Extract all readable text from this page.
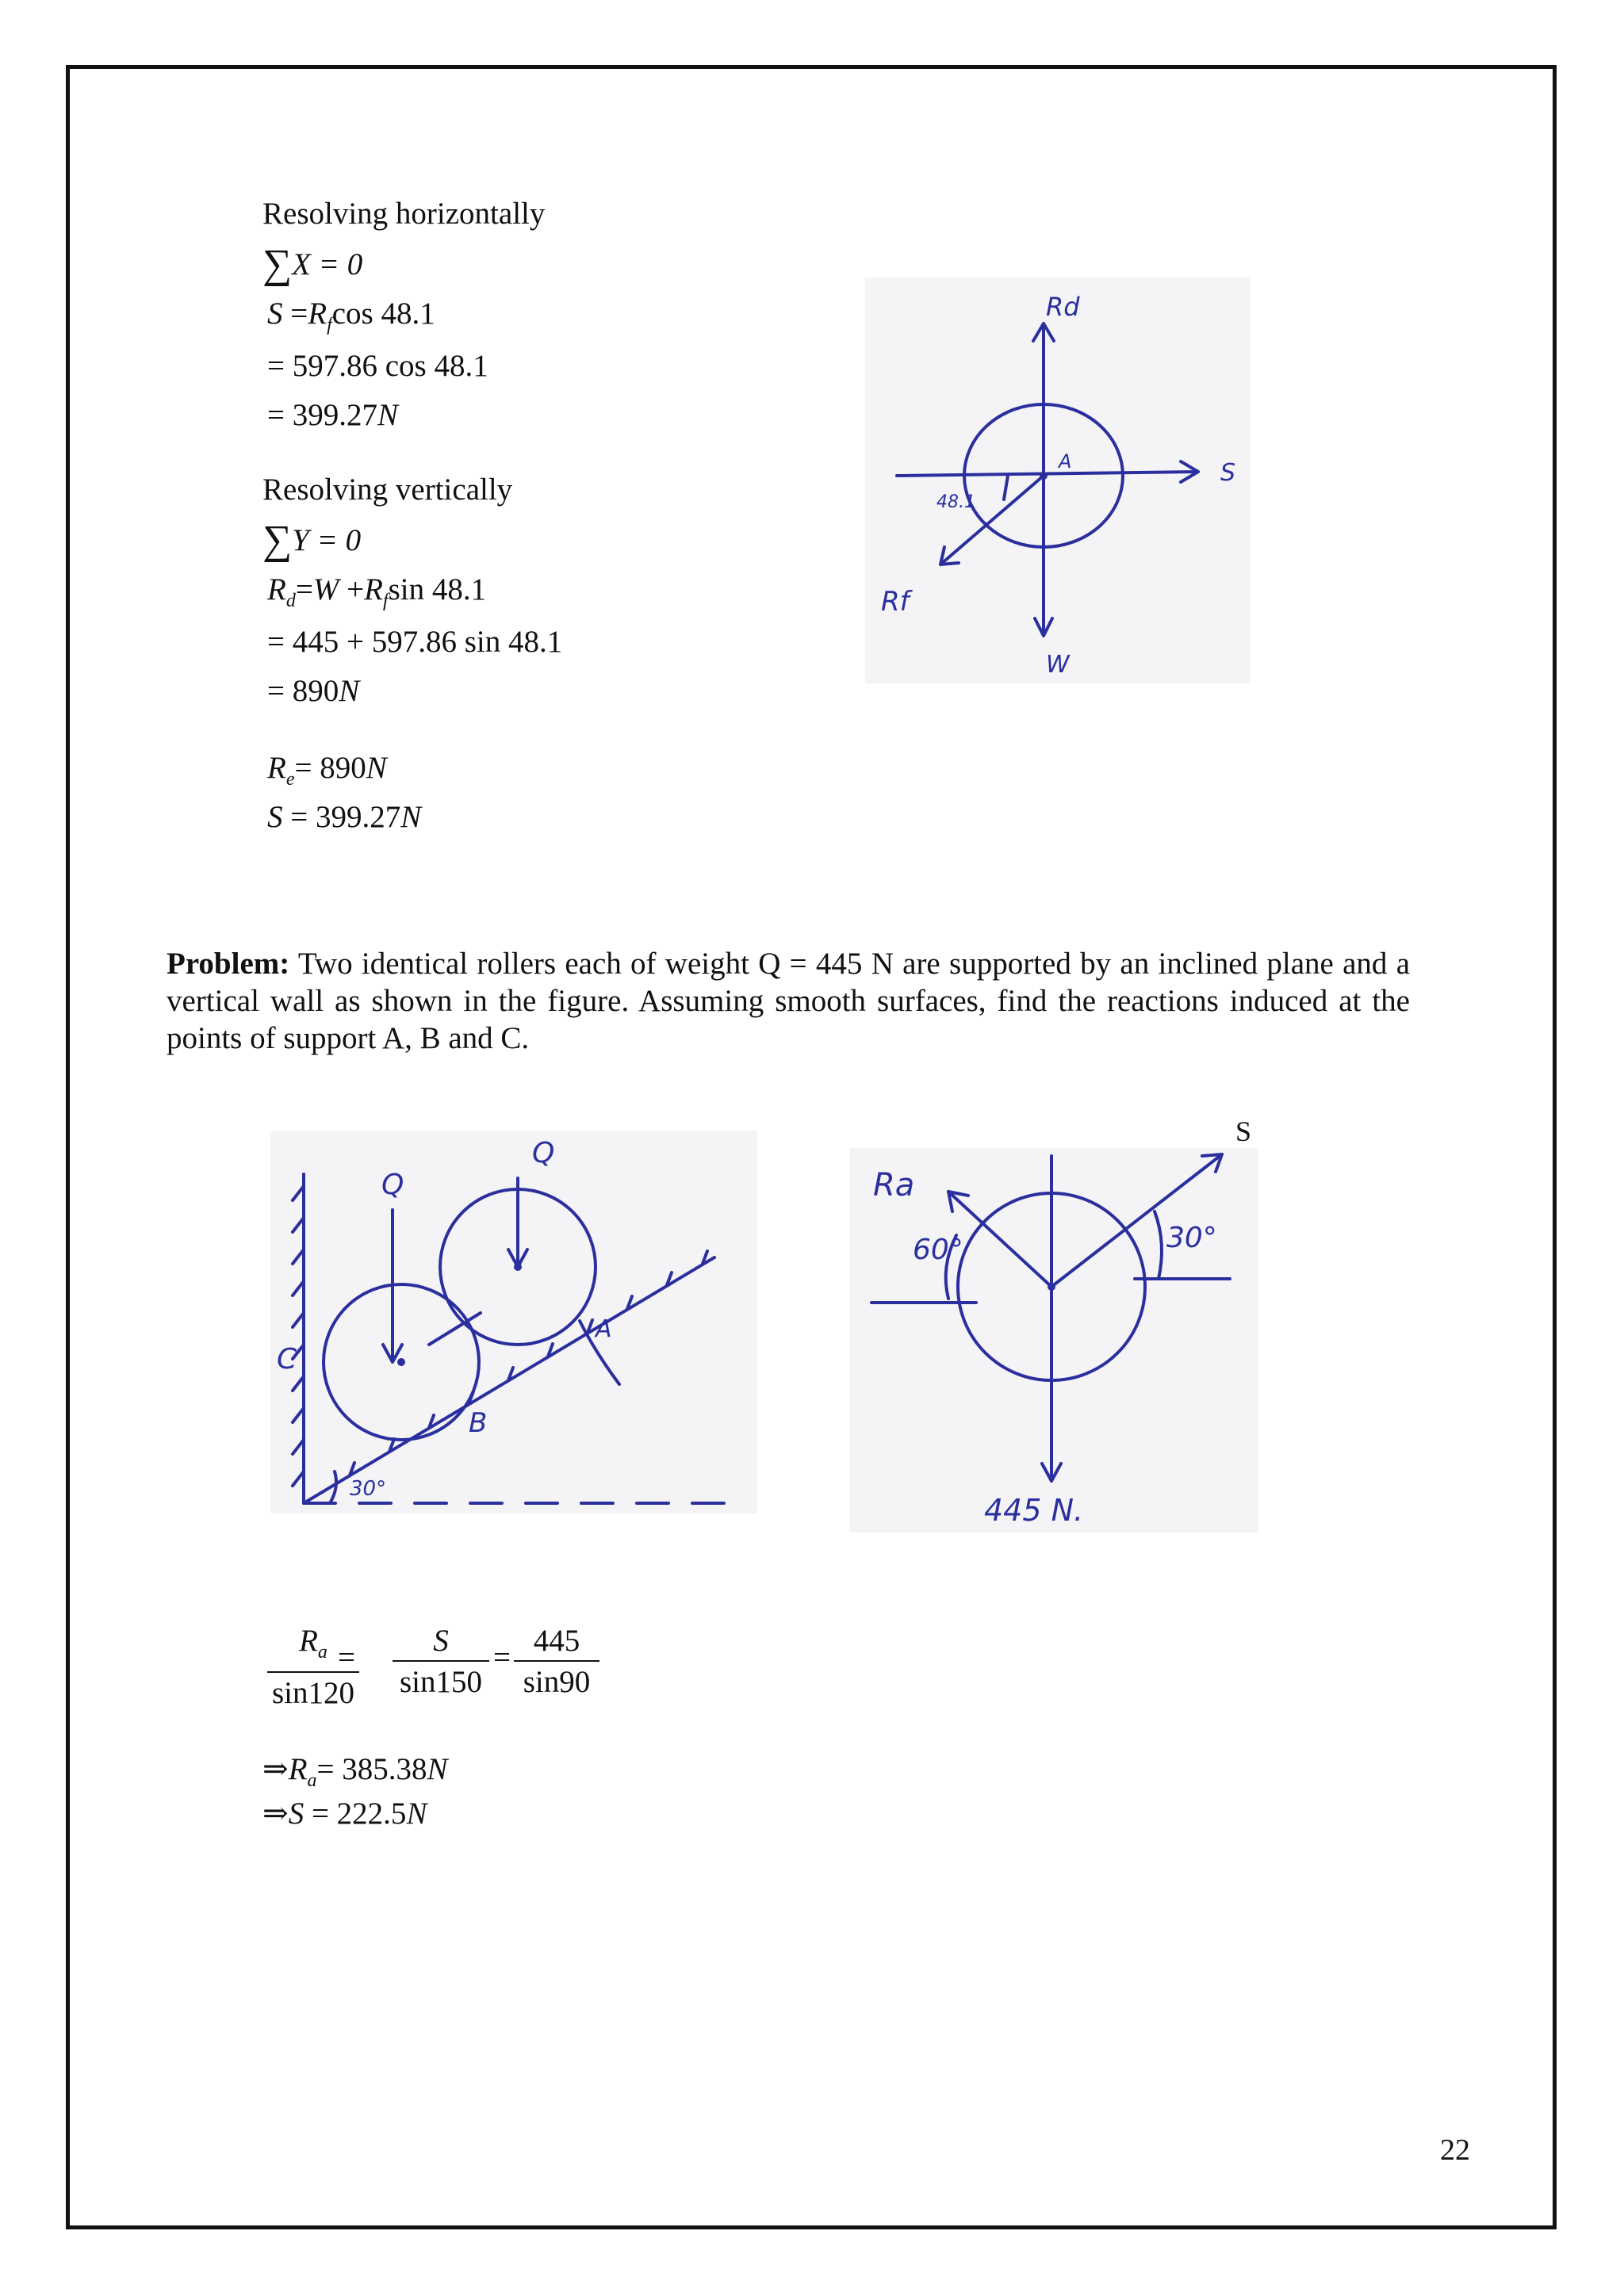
Resolving horizontally
∑X = 0
$S =R_f\cos$ 48.1
= 597.86 cos 48.1
= 399.27N
Resolving vertically
∑Y = 0
$R_d=W +R_f\sin$ 48.1
= 445 + 597.86 sin 48.1
= 890N
$R_e= 890N$
S = 399.27N
Rd
A	S
48.1
Rf
W
Problem: Two identical rollers each of weight Q = 445 N are supported by an inclined plane and a vertical wall as shown in the figure. Assuming smooth surfaces, find the reactions induced at the points of support A, B and C.
Q
Q
C
B
A
30°
S
Ra
60°	30°
445 N.
$\frac{R_a}{\sin 120}$
= $\frac{S}{\sin 150} = \frac{445}{\sin 90}$
$\Rightarrow R_a= 385.38N$
⇒S = 222.5N
22
